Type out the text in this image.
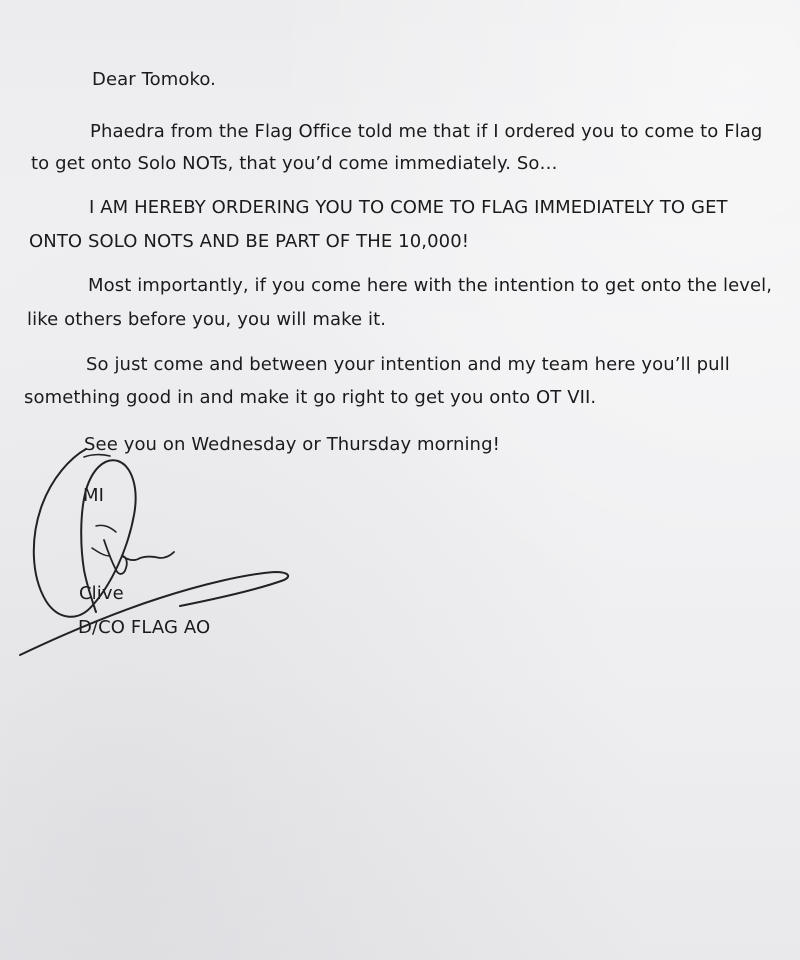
Dear Tomoko.

Phaedra from the Flag Office told me that if I ordered you to come to Flag

to get onto Solo NOTs, that you’d come immediately. So…

I AM HEREBY ORDERING YOU TO COME TO FLAG IMMEDIATELY TO GET

ONTO SOLO NOTS AND BE PART OF THE 10,000!

Most importantly, if you come here with the intention to get onto the level,

like others before you, you will make it.

So just come and between your intention and my team here you’ll pull

something good in and make it go right to get you onto OT VII.

See you on Wednesday or Thursday morning!

MI

Clive

D/CO FLAG AO
